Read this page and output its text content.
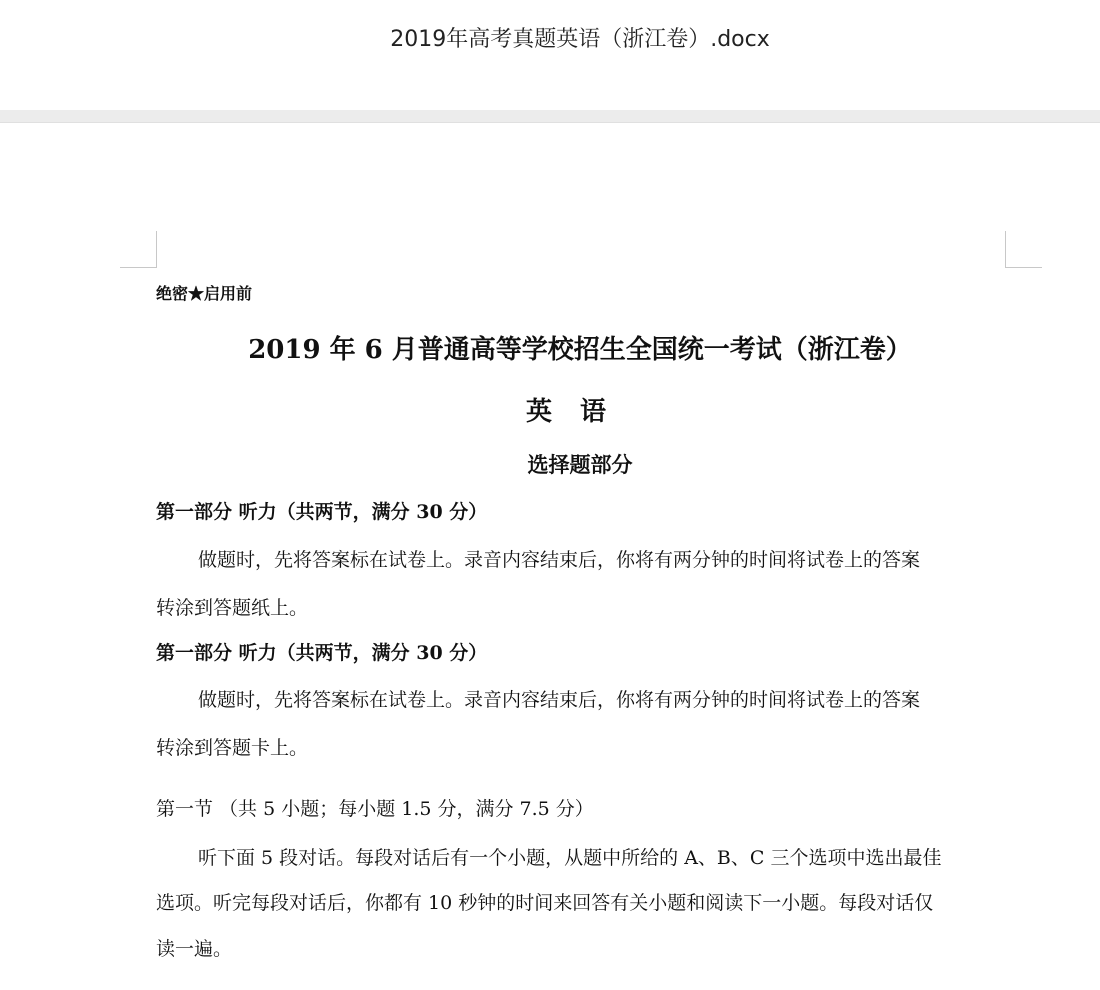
2019年高考真题英语（浙江卷）.docx
绝密★启用前
2019 年 6 月普通高等学校招生全国统一考试（浙江卷）
英语
选择题部分
第一部分 听力（共两节，满分 30 分）
做题时，先将答案标在试卷上。录音内容结束后，你将有两分钟的时间将试卷上的答案
转涂到答题纸上。
第一部分 听力（共两节，满分 30 分）
做题时，先将答案标在试卷上。录音内容结束后，你将有两分钟的时间将试卷上的答案
转涂到答题卡上。
第一节 （共 5 小题；每小题 1.5 分，满分 7.5 分）
听下面 5 段对话。每段对话后有一个小题，从题中所给的 A、B、C 三个选项中选出最佳
选项。听完每段对话后，你都有 10 秒钟的时间来回答有关小题和阅读下一小题。每段对话仅
读一遍。
